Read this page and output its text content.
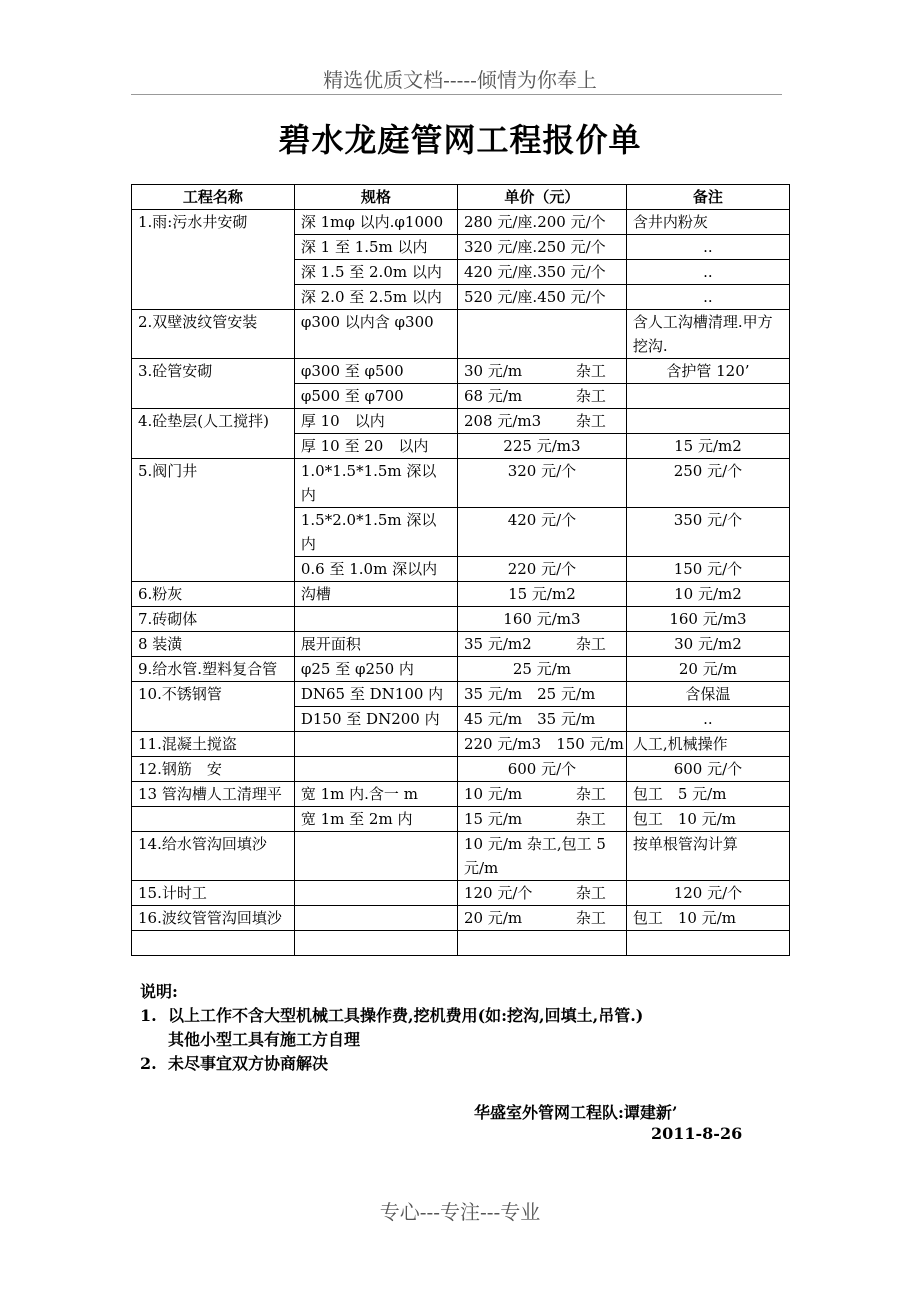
精选优质文档-----倾情为你奉上
碧水龙庭管网工程报价单
工程名称	规格	单价（元）	备注
1.雨:污水井安砌	深 1mφ 以内.φ1000	280 元/座.200 元/个	含井内粉灰
	深 1 至 1.5m 以内	320 元/座.250 元/个	..
	深 1.5 至 2.0m 以内	420 元/座.350 元/个	..
	深 2.0 至 2.5m 以内	520 元/座.450 元/个	..
2.双壁波纹管安装	φ300 以内含 φ300		含人工沟槽清理.甲方挖沟.
3.砼管安砌	φ300 至 φ500	30 元/m 杂工	含护管 120’
	φ500 至 φ700	68 元/m 杂工	

4.砼垫层(人工搅拌)	厚 10　以内	208 元/m3 杂工	

	厚 10 至 20　以内	225 元/m3	15 元/m2
5.阀门井	1.0*1.5*1.5m 深以内	320 元/个	250 元/个
	1.5*2.0*1.5m 深以内	420 元/个	350 元/个
	0.6 至 1.0m 深以内	220 元/个	150 元/个
6.粉灰	沟槽	15 元/m2	10 元/m2
7.砖砌体		160 元/m3	160 元/m3
8 装潢	展开面积	35 元/m2 杂工	30 元/m2
9.给水管.塑料复合管	φ25 至 φ250 内	25 元/m	20 元/m
10.不锈钢管	DN65 至 DN100 内	35 元/m　25 元/m	含保温
	D150 至 DN200 内	45 元/m　35 元/m	..
11.混凝土搅盗		220 元/m3　150 元/m	人工,机械操作
12.钢筋　安		600 元/个	600 元/个
13 管沟槽人工清理平	宽 1m 内.含一 m	10 元/m 杂工	包工　5 元/m
	宽 1m 至 2m 内	15 元/m 杂工	包工　10 元/m
14.给水管沟回填沙		10 元/m 杂工,包工 5 元/m	按单根管沟计算
15.计时工		120 元/个 杂工	120 元/个
16.波纹管管沟回填沙		20 元/m 杂工	包工　10 元/m

说明:
1. 以上工作不含大型机械工具操作费,挖机费用(如:挖沟,回填土,吊管.)
其他小型工具有施工方自理
2. 未尽事宜双方协商解决
华盛室外管网工程队:谭建新’
2011-8-26
专心---专注---专业
